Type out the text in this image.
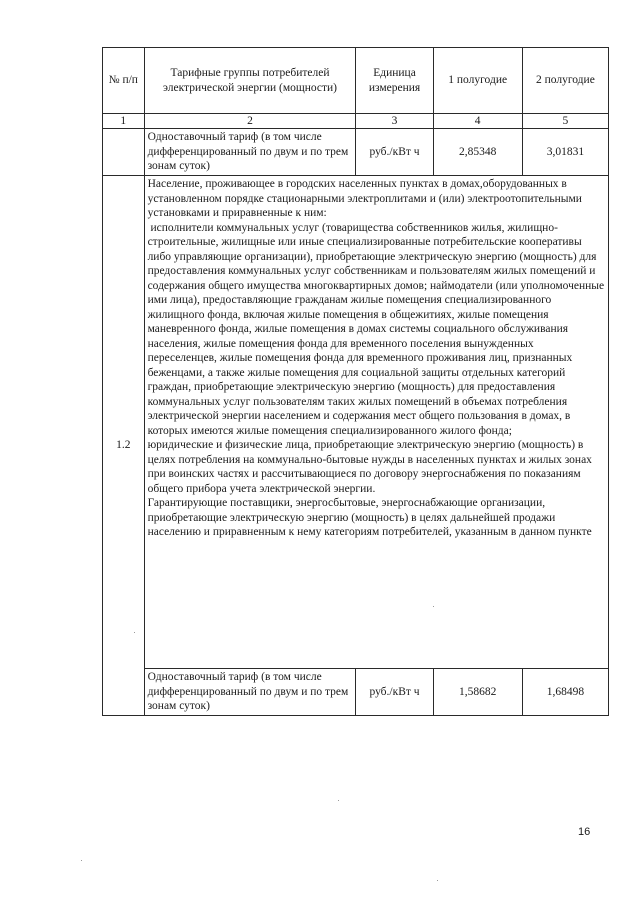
№ п/п	Тарифные группы потребителей электрической энергии (мощности)	Единица измерения	1 полугодие	2 полугодие
1	2	3	4	5
	Одноставочный тариф (в том числе дифференцированный по двум и по трем зонам суток)	руб./кВт ч	2,85348	3,01831
1.2	Население, проживающее в городских населенных пунктах в домах,оборудованных в установленном порядке стационарными электроплитами и (или) электроотопительными установками и приравненные к ним:

исполнители коммунальных услуг (товарищества собственников жилья, жилищно-строительные, жилищные или иные специализированные потребительские кооперативы либо управляющие организации), приобретающие электрическую энергию (мощность) для предоставления коммунальных услуг собственникам и пользователям жилых помещений и содержания общего имущества многоквартирных домов; наймодатели (или уполномоченные ими лица), предоставляющие гражданам жилые помещения специализированного жилищного фонда, включая жилые помещения в общежитиях, жилые помещения маневренного фонда, жилые помещения в домах системы социального обслуживания населения, жилые помещения фонда для временного поселения вынужденных переселенцев, жилые помещения фонда для временного проживания лиц, признанных беженцами, а также жилые помещения для социальной защиты отдельных категорий граждан, приобретающие электрическую энергию (мощность) для предоставления коммунальных услуг пользователям таких жилых помещений в объемах потребления электрической энергии населением и содержания мест общего пользования в домах, в которых имеются жилые помещения специализированного жилого фонда;

юридические и физические лица, приобретающие электрическую энергию (мощность) в целях потребления на коммунально-бытовые нужды в населенных пунктах и жилых зонах при воинских частях и рассчитывающиеся по договору энергоснабжения по показаниям общего прибора учета электрической энергии.

Гарантирующие поставщики, энергосбытовые, энергоснабжающие организации, приобретающие электрическую энергию (мощность) в целях дальнейшей продажи населению и приравненным к нему категориям потребителей, указанным в данном пункте			

	Одноставочный тариф (в том числе дифференцированный по двум и по трем зонам суток)	руб./кВт ч	1,58682	1,68498
16
